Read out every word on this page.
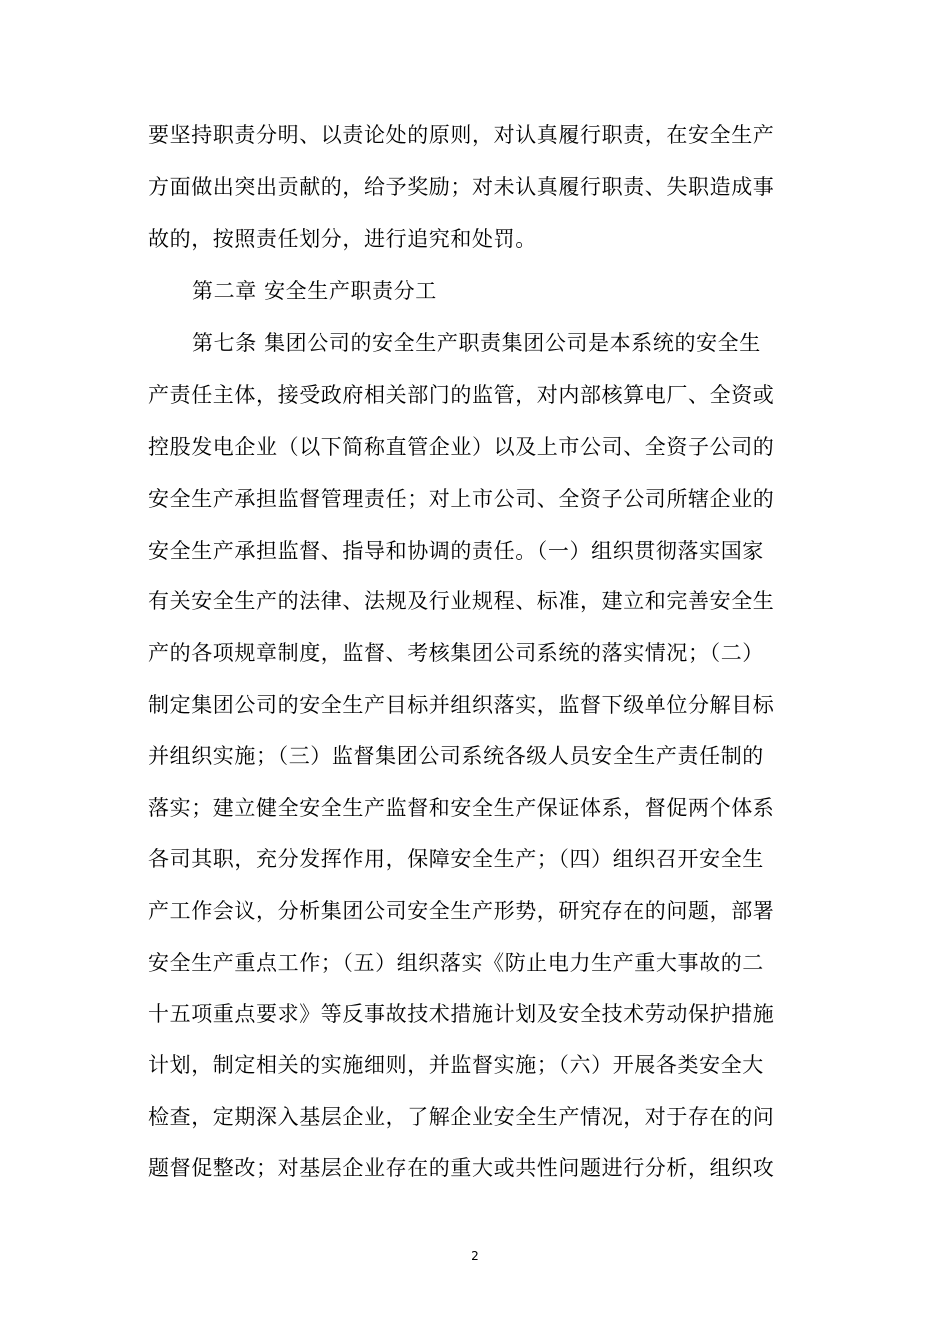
要坚持职责分明、以责论处的原则，对认真履行职责，在安全生产
方面做出突出贡献的，给予奖励；对未认真履行职责、失职造成事
故的，按照责任划分，进行追究和处罚。
第二章 安全生产职责分工
第七条 集团公司的安全生产职责集团公司是本系统的安全生
产责任主体，接受政府相关部门的监管，对内部核算电厂、全资或
控股发电企业（以下简称直管企业）以及上市公司、全资子公司的
安全生产承担监督管理责任；对上市公司、全资子公司所辖企业的
安全生产承担监督、指导和协调的责任。（一）组织贯彻落实国家
有关安全生产的法律、法规及行业规程、标准，建立和完善安全生
产的各项规章制度，监督、考核集团公司系统的落实情况；（二）
制定集团公司的安全生产目标并组织落实，监督下级单位分解目标
并组织实施；（三）监督集团公司系统各级人员安全生产责任制的
落实；建立健全安全生产监督和安全生产保证体系，督促两个体系
各司其职，充分发挥作用，保障安全生产；（四）组织召开安全生
产工作会议，分析集团公司安全生产形势，研究存在的问题，部署
安全生产重点工作；（五）组织落实《防止电力生产重大事故的二
十五项重点要求》等反事故技术措施计划及安全技术劳动保护措施
计划，制定相关的实施细则，并监督实施；（六）开展各类安全大
检查，定期深入基层企业，了解企业安全生产情况，对于存在的问
题督促整改；对基层企业存在的重大或共性问题进行分析，组织攻
2
